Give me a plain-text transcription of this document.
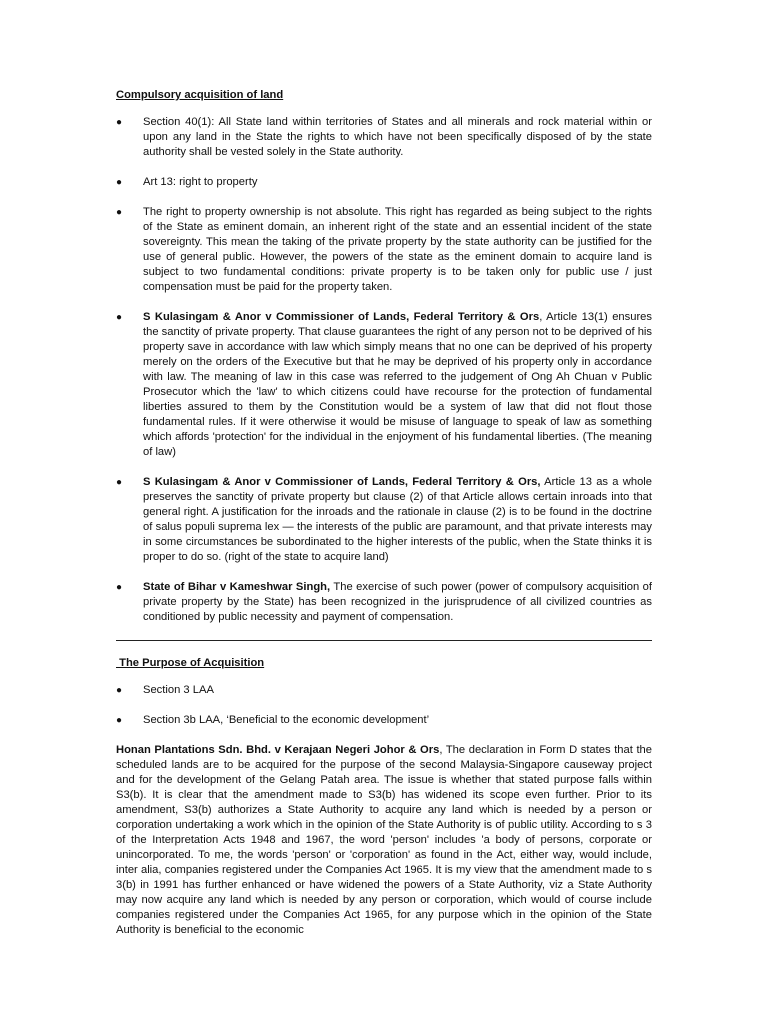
Compulsory acquisition of land
●	Section 40(1): All State land within territories of States and all minerals and rock material within or upon any land in the State the rights to which have not been specifically disposed of by the state authority shall be vested solely in the State authority.
●	Art 13: right to property
●	The right to property ownership is not absolute. This right has regarded as being subject to the rights of the State as eminent domain, an inherent right of the state and an essential incident of the state sovereignty. This mean the taking of the private property by the state authority can be justified for the use of general public. However, the powers of the state as the eminent domain to acquire land is subject to two fundamental conditions: private property is to be taken only for public use / just compensation must be paid for the property taken.
●	S Kulasingam & Anor v Commissioner of Lands, Federal Territory & Ors, Article 13(1) ensures the sanctity of private property. That clause guarantees the right of any person not to be deprived of his property save in accordance with law which simply means that no one can be deprived of his property merely on the orders of the Executive but that he may be deprived of his property only in accordance with law. The meaning of law in this case was referred to the judgement of Ong Ah Chuan v Public Prosecutor which the 'law' to which citizens could have recourse for the protection of fundamental liberties assured to them by the Constitution would be a system of law that did not flout those fundamental rules. If it were otherwise it would be misuse of language to speak of law as something which affords 'protection' for the individual in the enjoyment of his fundamental liberties. (The meaning of law)
●	S Kulasingam & Anor v Commissioner of Lands, Federal Territory & Ors, Article 13 as a whole preserves the sanctity of private property but clause (2) of that Article allows certain inroads into that general right. A justification for the inroads and the rationale in clause (2) is to be found in the doctrine of salus populi suprema lex — the interests of the public are paramount, and that private interests may in some circumstances be subordinated to the higher interests of the public, when the State thinks it is proper to do so. (right of the state to acquire land)
●	State of Bihar v Kameshwar Singh, The exercise of such power (power of compulsory acquisition of private property by the State) has been recognized in the jurisprudence of all civilized countries as conditioned by public necessity and payment of compensation.
The Purpose of Acquisition
●	Section 3 LAA
●	Section 3b LAA, ‘Beneficial to the economic development’

Honan Plantations Sdn. Bhd. v Kerajaan Negeri Johor & Ors, The declaration in Form D states that the scheduled lands are to be acquired for the purpose of the second Malaysia-Singapore causeway project and for the development of the Gelang Patah area. The issue is whether that stated purpose falls within S3(b). It is clear that the amendment made to S3(b) has widened its scope even further. Prior to its amendment, S3(b) authorizes a State Authority to acquire any land which is needed by a person or corporation undertaking a work which in the opinion of the State Authority is of public utility. According to s 3 of the Interpretation Acts 1948 and 1967, the word 'person' includes 'a body of persons, corporate or unincorporated. To me, the words 'person' or 'corporation' as found in the Act, either way, would include, inter alia, companies registered under the Companies Act 1965. It is my view that the amendment made to s 3(b) in 1991 has further enhanced or have widened the powers of a State Authority, viz a State Authority may now acquire any land which is needed by any person or corporation, which would of course include companies registered under the Companies Act 1965, for any purpose which in the opinion of the State Authority is beneficial to the economic
